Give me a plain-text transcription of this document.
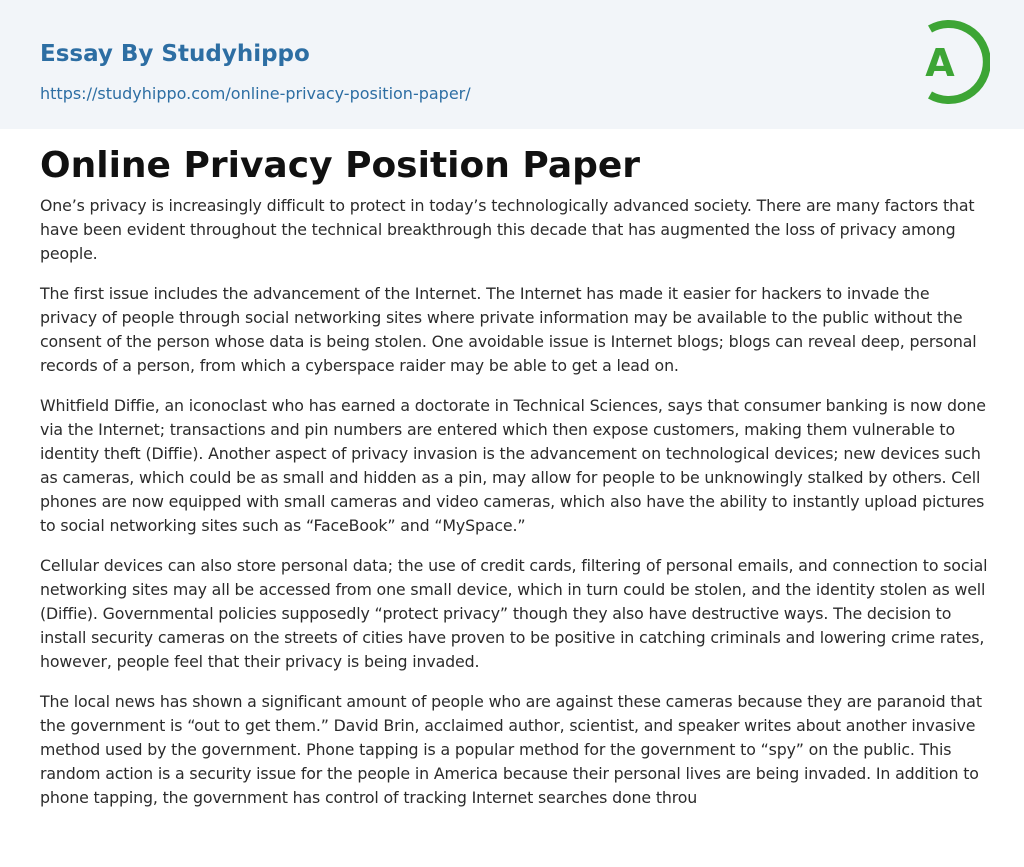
Essay By Studyhippo
https://studyhippo.com/online-privacy-position-paper/
A
Online Privacy Position Paper

One’s privacy is increasingly difficult to protect in today’s technologically advanced society. There are many factors that have been evident throughout the technical breakthrough this decade that has augmented the loss of privacy among people.

The first issue includes the advancement of the Internet. The Internet has made it easier for hackers to invade the privacy of people through social networking sites where private information may be available to the public without the consent of the person whose data is being stolen. One avoidable issue is Internet blogs; blogs can reveal deep, personal records of a person, from which a cyberspace raider may be able to get a lead on.

Whitfield Diffie, an iconoclast who has earned a doctorate in Technical Sciences, says that consumer banking is now done via the Internet; transactions and pin numbers are entered which then expose customers, making them vulnerable to identity theft (Diffie). Another aspect of privacy invasion is the advancement on technological devices; new devices such as cameras, which could be as small and hidden as a pin, may allow for people to be unknowingly stalked by others. Cell phones are now equipped with small cameras and video cameras, which also have the ability to instantly upload pictures to social networking sites such as “FaceBook” and “MySpace.”

Cellular devices can also store personal data; the use of credit cards, filtering of personal emails, and connection to social networking sites may all be accessed from one small device, which in turn could be stolen, and the identity stolen as well (Diffie). Governmental policies supposedly “protect privacy” though they also have destructive ways. The decision to install security cameras on the streets of cities have proven to be positive in catching criminals and lowering crime rates, however, people feel that their privacy is being invaded.

The local news has shown a significant amount of people who are against these cameras because they are paranoid that the government is “out to get them.” David Brin, acclaimed author, scientist, and speaker writes about another invasive method used by the government. Phone tapping is a popular method for the government to “spy” on the public. This random action is a security issue for the people in America because their personal lives are being invaded. In addition to phone tapping, the government has control of tracking Internet searches done throu
